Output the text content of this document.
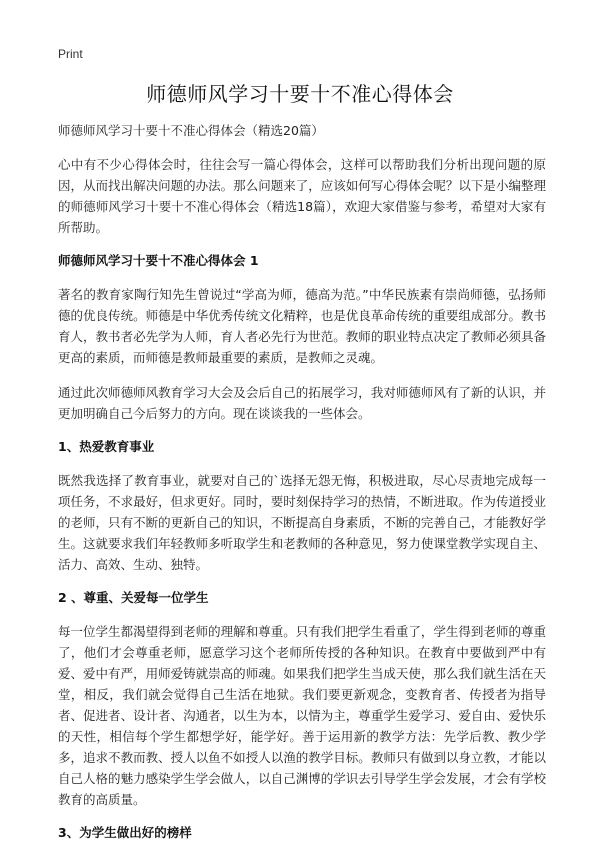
Print
师德师风学习十要十不准心得体会
师德师风学习十要十不准心得体会（精选20篇）

心中有不少心得体会时，往往会写一篇心得体会，这样可以帮助我们分析出现问题的原因，从而找出解决问题的办法。那么问题来了，应该如何写心得体会呢？以下是小编整理的师德师风学习十要十不准心得体会（精选18篇），欢迎大家借鉴与参考，希望对大家有所帮助。

师德师风学习十要十不准心得体会 1

著名的教育家陶行知先生曾说过“学高为师，德高为范。”中华民族素有崇尚师德，弘扬师德的优良传统。师德是中华优秀传统文化精粹，也是优良革命传统的重要组成部分。教书育人，教书者必先学为人师，育人者必先行为世范。教师的职业特点决定了教师必须具备更高的素质，而师德是教师最重要的素质，是教师之灵魂。

通过此次师德师风教育学习大会及会后自己的拓展学习，我对师德师风有了新的认识，并更加明确自己今后努力的方向。现在谈谈我的一些体会。

1、热爱教育事业

既然我选择了教育事业，就要对自己的`选择无怨无悔，积极进取，尽心尽责地完成每一项任务，不求最好，但求更好。同时，要时刻保持学习的热情，不断进取。作为传道授业的老师，只有不断的更新自己的知识，不断提高自身素质，不断的完善自己，才能教好学生。这就要求我们年轻教师多听取学生和老教师的各种意见，努力使课堂教学实现自主、活力、高效、生动、独特。

2 、尊重、关爱每一位学生

每一位学生都渴望得到老师的理解和尊重。只有我们把学生看重了，学生得到老师的尊重了，他们才会尊重老师，愿意学习这个老师所传授的各种知识。在教育中要做到严中有爱、爱中有严，用师爱铸就崇高的师魂。如果我们把学生当成天使，那么我们就生活在天堂，相反，我们就会觉得自己生活在地狱。我们要更新观念，变教育者、传授者为指导者、促进者、设计者、沟通者，以生为本，以情为主，尊重学生爱学习、爱自由、爱快乐的天性，相信每个学生都想学好，能学好。善于运用新的教学方法：先学后教、教少学多，追求不教而教、授人以鱼不如授人以渔的教学目标。教师只有做到以身立教，才能以自己人格的魅力感染学生学会做人，以自己渊博的学识去引导学生学会发展，才会有学校教育的高质量。

3、为学生做出好的榜样
